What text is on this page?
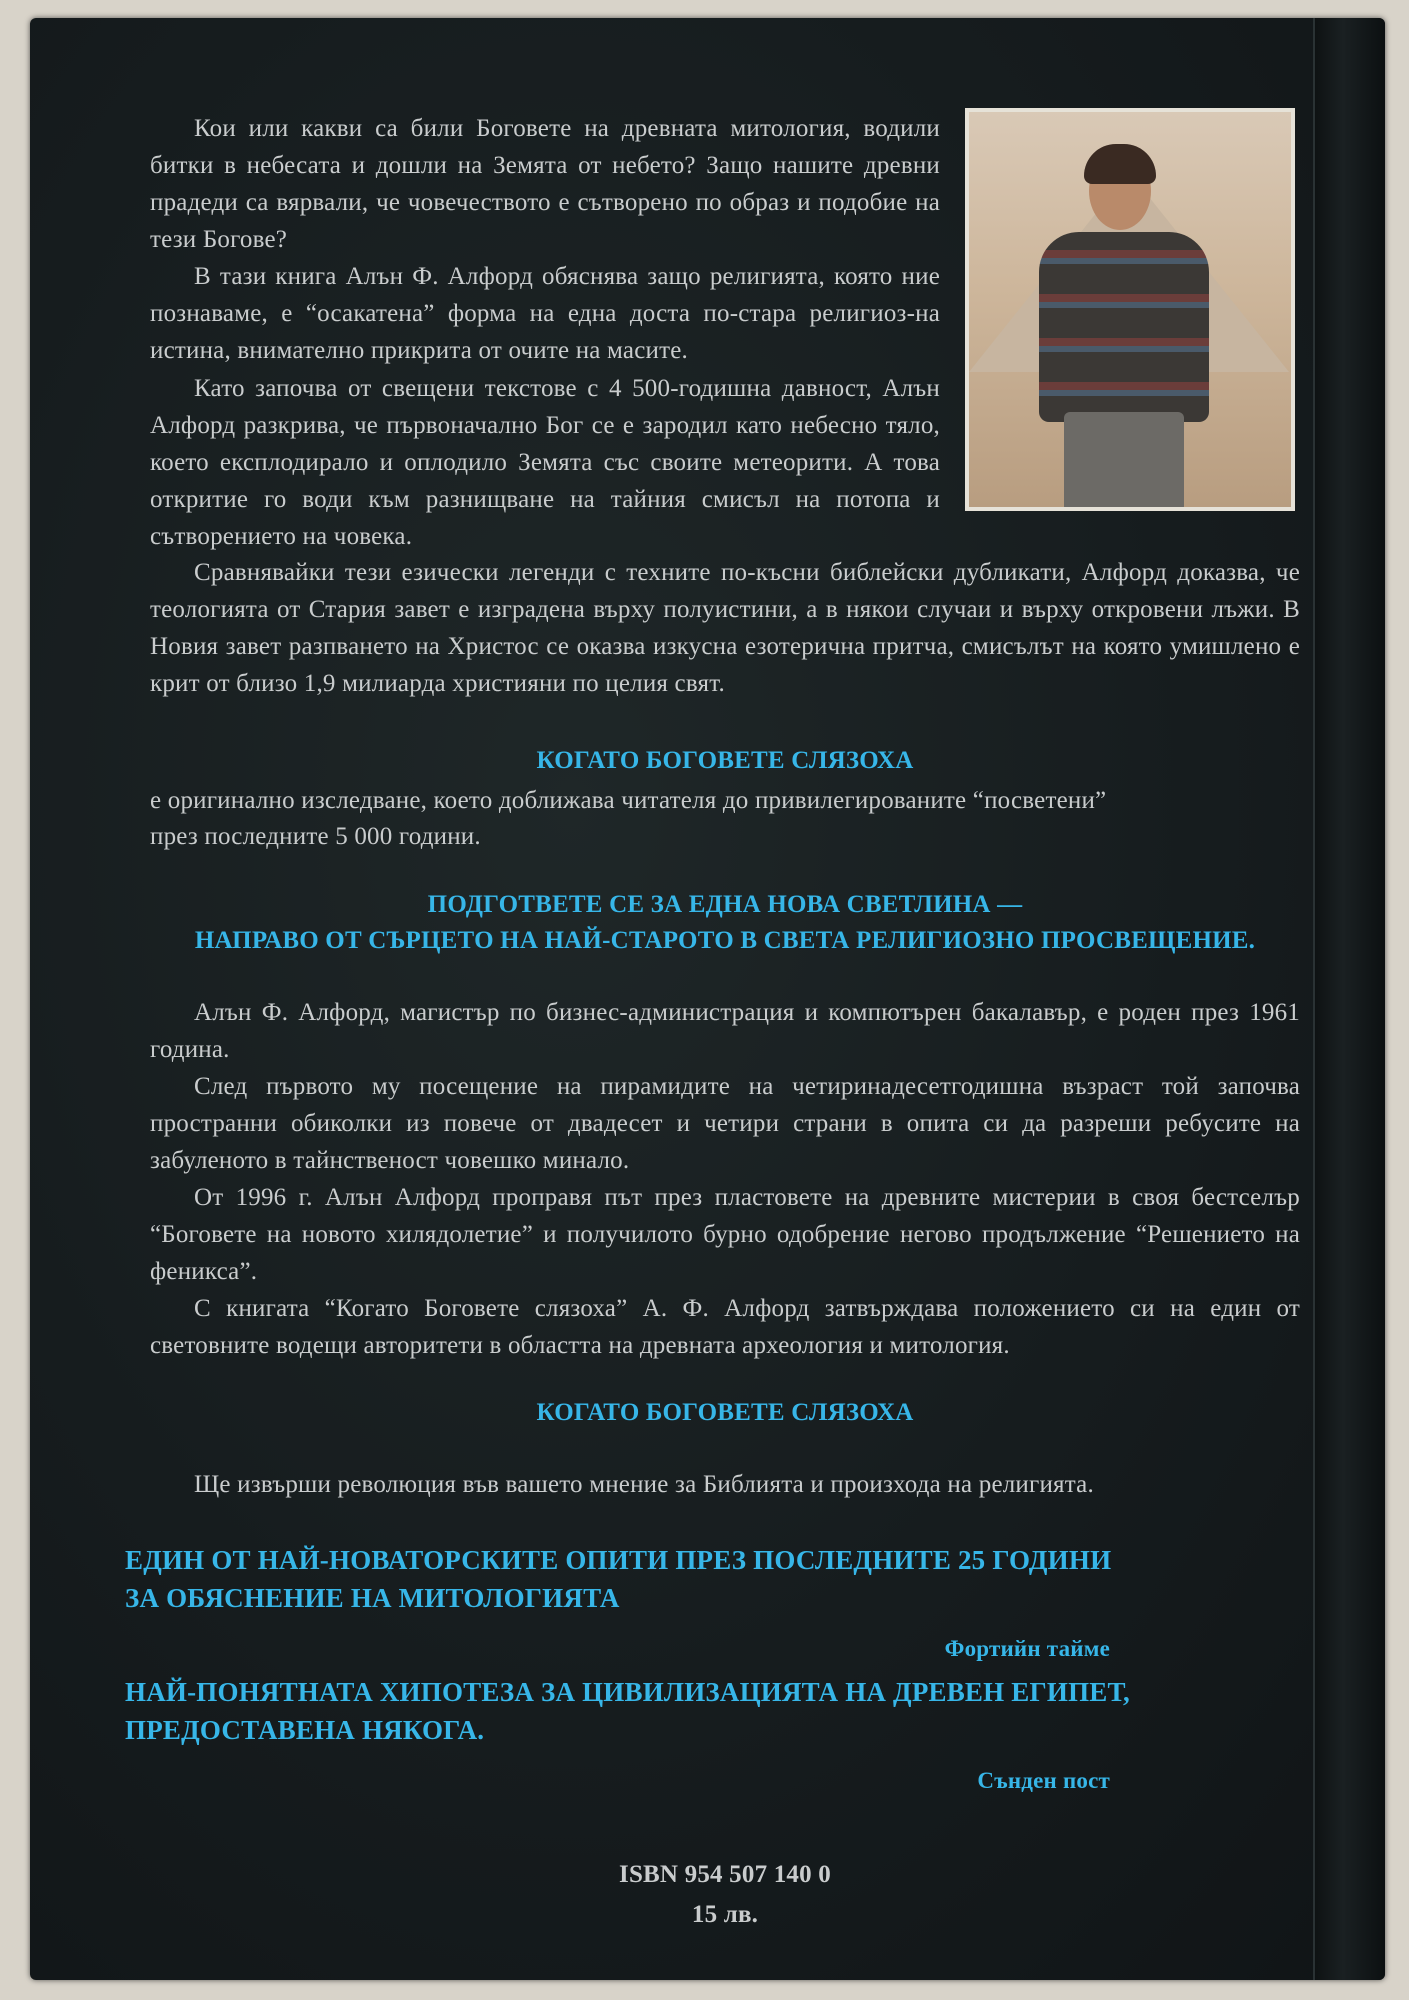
Кои или какви са били Боговете на древната митология, водили битки в небесата и дошли на Земята от небето? Защо нашите древни прадеди са вярвали, че човечеството е сътворено по образ и подобие на тези Богове?

В тази книга Алън Ф. Алфорд обяснява защо религията, която ние познаваме, е “осакатена” форма на една доста по-стара религиоз-на истина, внимателно прикрита от очите на масите.

Като започва от свещени текстове с 4 500-годишна давност, Алън Алфорд разкрива, че първоначално Бог се е зародил като небесно тяло, което експлодирало и оплодило Земята със своите метеорити. А това откритие го води към разнищване на тайния смисъл на потопа и сътворението на човека.

Сравнявайки тези езически легенди с техните по-късни библейски дубликати, Алфорд доказва, че теологията от Стария завет е изградена върху полуистини, а в някои случаи и върху откровени лъжи. В Новия завет разпването на Христос се оказва изкусна езотерична притча, смисълът на която умишлено е крит от близо 1,9 милиарда християни по целия свят.

КОГАТО БОГОВЕТЕ СЛЯЗОХА
е оригинално изследване, което доближава читателя до привилегированите “посветени”
през последните 5 000 години.
ПОДГОТВЕТЕ СЕ ЗА ЕДНА НОВА СВЕТЛИНА —
НАПРАВО ОТ СЪРЦЕТО НА НАЙ-СТАРОТО В СВЕТА РЕЛИГИОЗНО ПРОСВЕЩЕНИЕ.

Алън Ф. Алфорд, магистър по бизнес-администрация и компютърен бакалавър, е роден през 1961 година.

След първото му посещение на пирамидите на четиринадесетгодишна възраст той започва пространни обиколки из повече от двадесет и четири страни в опита си да разреши ребусите на забуленото в тайнственост човешко минало.

От 1996 г. Алън Алфорд проправя път през пластовете на древните мистерии в своя бестселър “Боговете на новото хилядолетие” и получилото бурно одобрение негово продължение “Решението на феникса”.

С книгата “Когато Боговете слязоха” А. Ф. Алфорд затвърждава положението си на един от световните водещи авторитети в областта на древната археология и митология.

КОГАТО БОГОВЕТЕ СЛЯЗОХА

Ще извърши революция във вашето мнение за Библията и произхода на религията.

ЕДИН ОТ НАЙ-НОВАТОРСКИТЕ ОПИТИ ПРЕЗ ПОСЛЕДНИТЕ 25 ГОДИНИ
ЗА ОБЯСНЕНИЕ НА МИТОЛОГИЯТА
Фортийн тайме
НАЙ-ПОНЯТНАТА ХИПОТЕЗА ЗА ЦИВИЛИЗАЦИЯТА НА ДРЕВЕН ЕГИПЕТ,
ПРЕДОСТАВЕНА НЯКОГА.
Сънден пост
ISBN 954 507 140 0
15 лв.
